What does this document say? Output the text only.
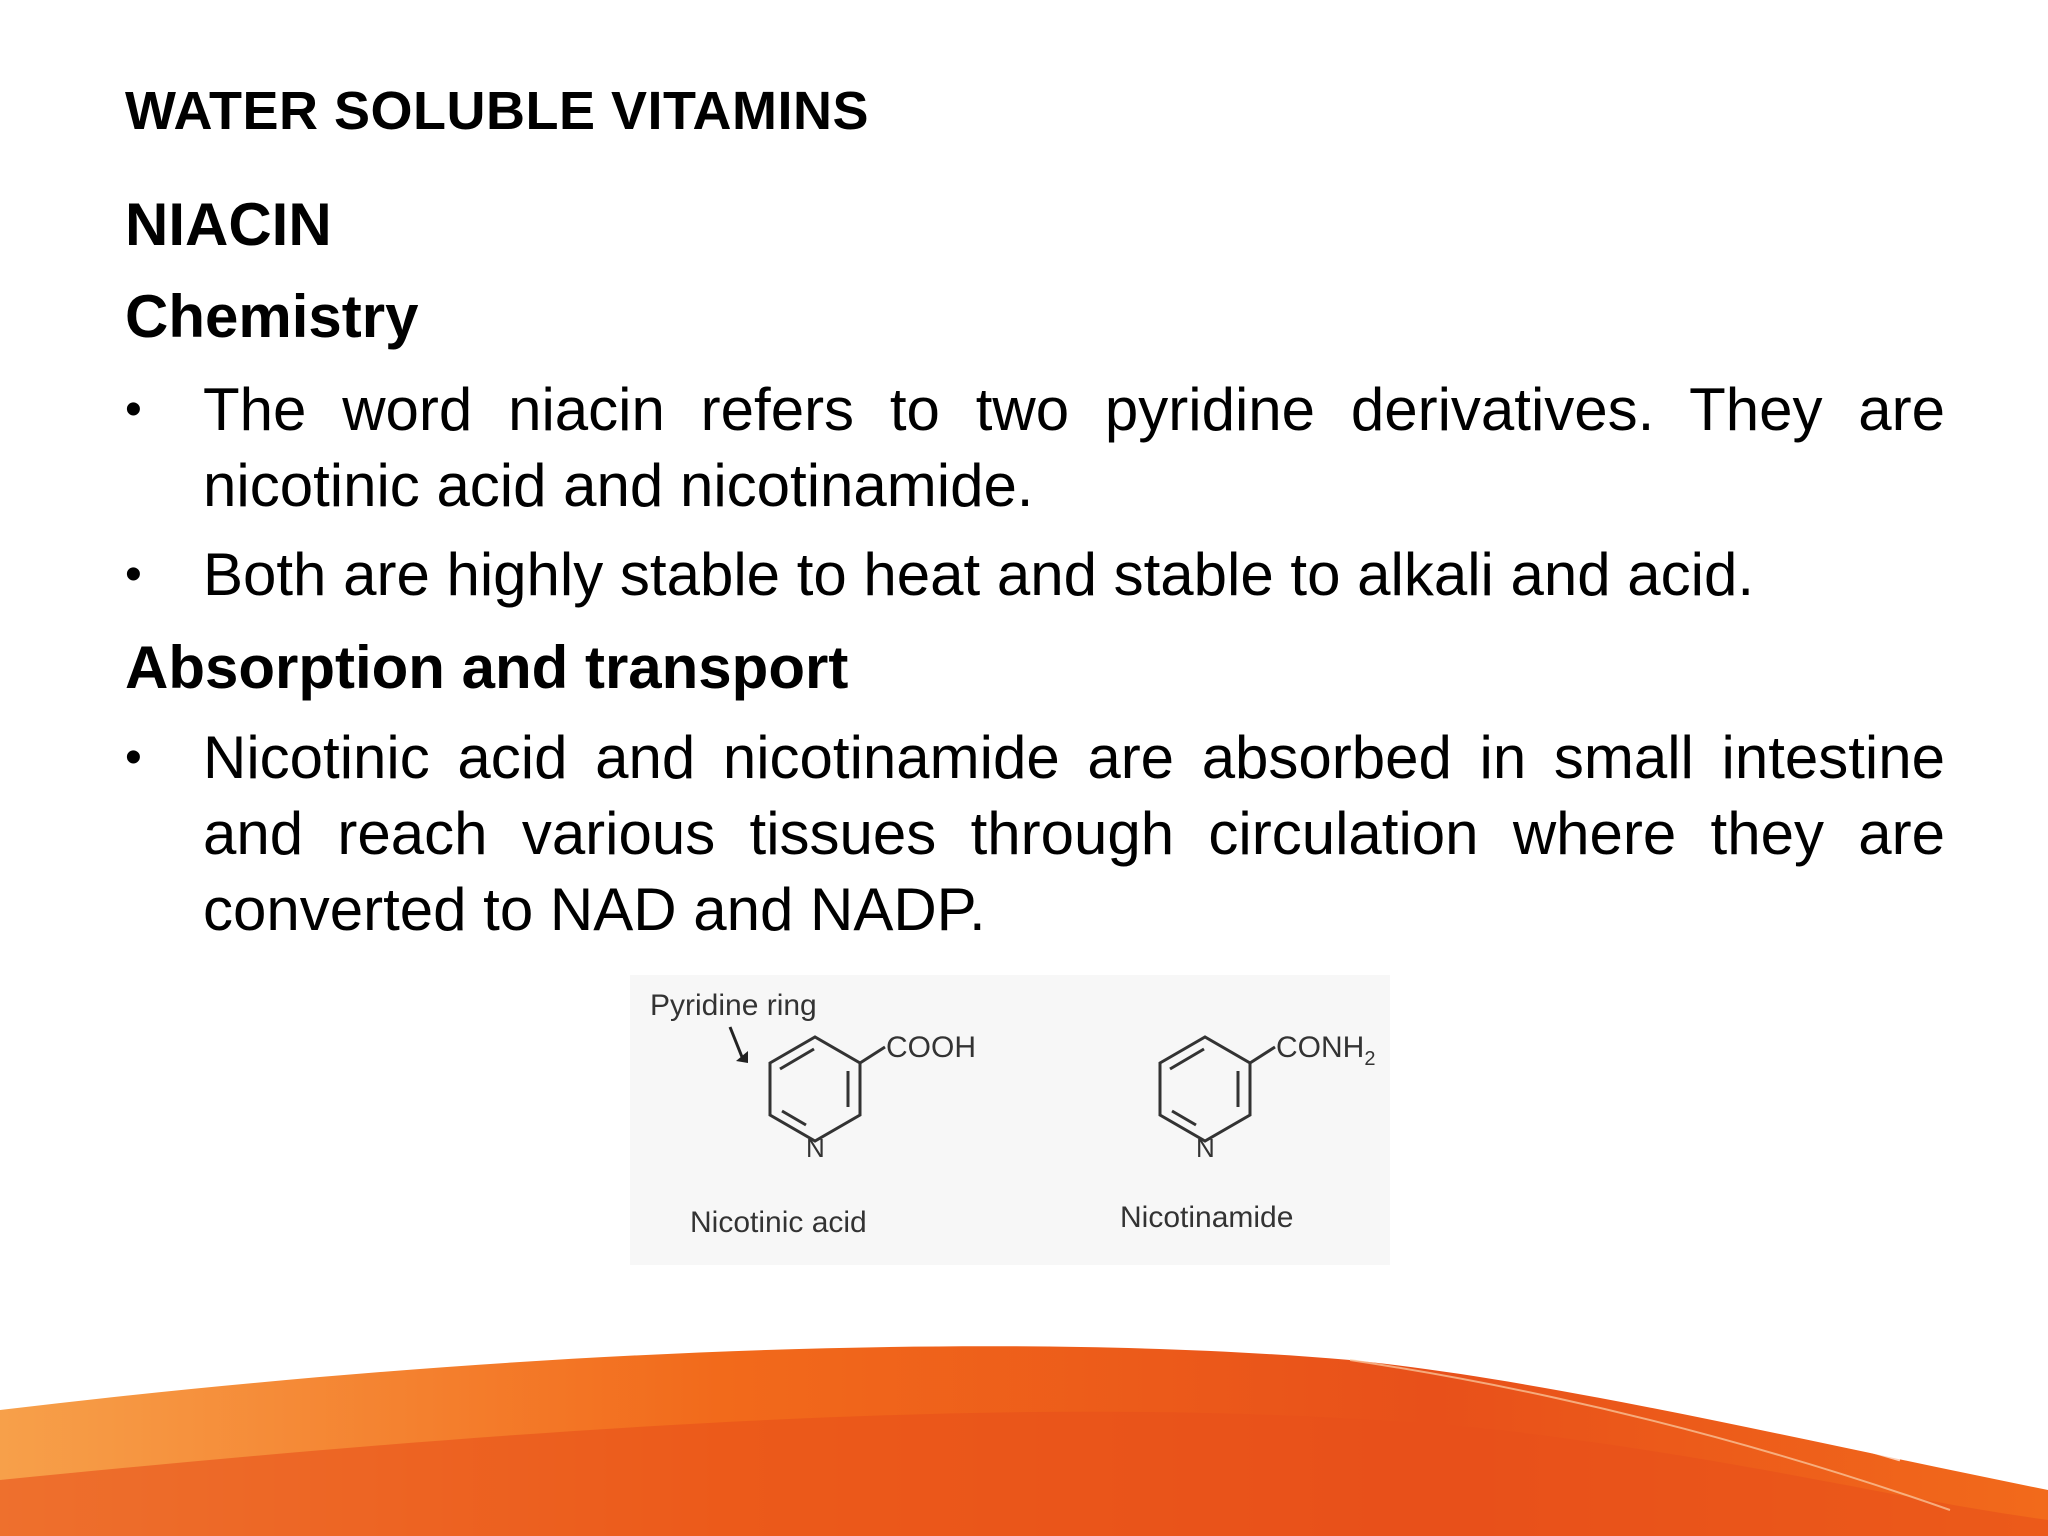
WATER SOLUBLE VITAMINS
NIACIN
Chemistry
• The word niacin refers to two pyridine derivatives. They are nicotinic acid and nicotinamide.
• Both are highly stable to heat and stable to alkali and acid.
Absorption and transport
• Nicotinic acid and nicotinamide are absorbed in small intestine and reach various tissues through circulation where they are converted to NAD and NADP.
Pyridine ring
COOH
N
Nicotinic acid
$CONH_2$
N
Nicotinamide
